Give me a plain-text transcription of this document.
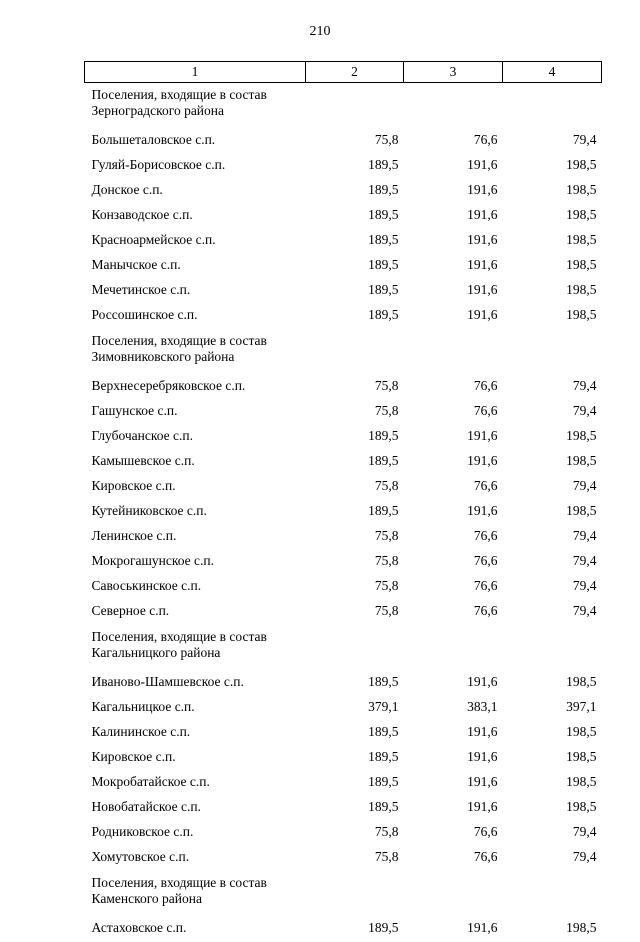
210
1	2	3	4

Поселения, входящие в состав
Зерноградского района			

Большеталовское с.п.	75,8	76,6	79,4
Гуляй-Борисовское с.п.	189,5	191,6	198,5
Донское с.п.	189,5	191,6	198,5
Конзаводское с.п.	189,5	191,6	198,5
Красноармейское с.п.	189,5	191,6	198,5
Манычское с.п.	189,5	191,6	198,5
Мечетинское с.п.	189,5	191,6	198,5
Россошинское с.п.	189,5	191,6	198,5

Поселения, входящие в состав
Зимовниковского района			

Верхнесеребряковское с.п.	75,8	76,6	79,4
Гашунское с.п.	75,8	76,6	79,4
Глубочанское с.п.	189,5	191,6	198,5
Камышевское с.п.	189,5	191,6	198,5
Кировское с.п.	75,8	76,6	79,4
Кутейниковское с.п.	189,5	191,6	198,5
Ленинское с.п.	75,8	76,6	79,4
Мокрогашунское с.п.	75,8	76,6	79,4
Савоськинское с.п.	75,8	76,6	79,4
Северное с.п.	75,8	76,6	79,4

Поселения, входящие в состав
Кагальницкого района			

Иваново-Шамшевское с.п.	189,5	191,6	198,5
Кагальницкое с.п.	379,1	383,1	397,1
Калининское с.п.	189,5	191,6	198,5
Кировское с.п.	189,5	191,6	198,5
Мокробатайское с.п.	189,5	191,6	198,5
Новобатайское с.п.	189,5	191,6	198,5
Родниковское с.п.	75,8	76,6	79,4
Хомутовское с.п.	75,8	76,6	79,4

Поселения, входящие в состав
Каменского района			

Астаховское с.п.	189,5	191,6	198,5
